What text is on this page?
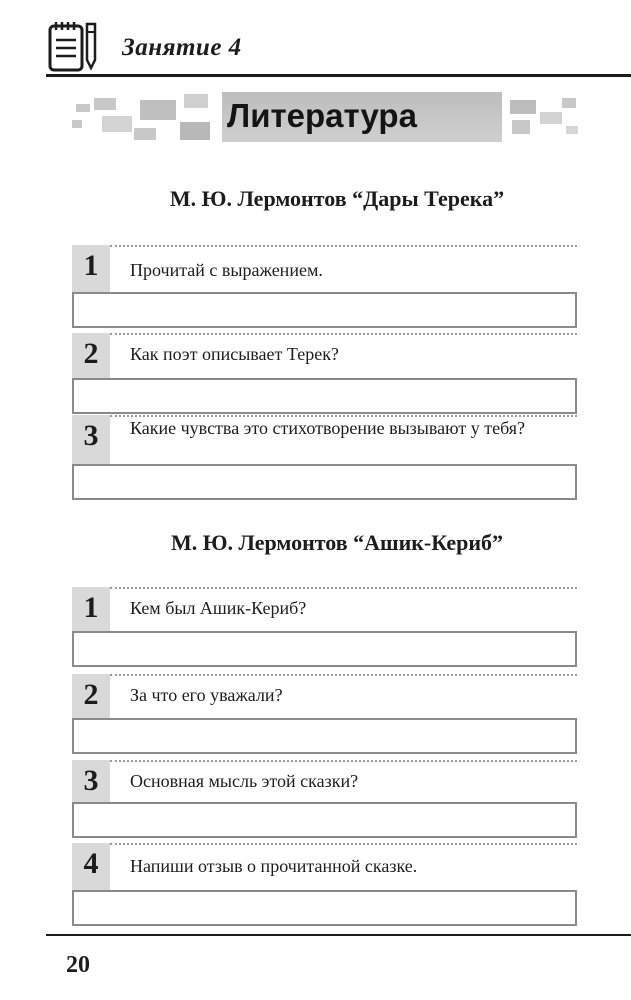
Занятие 4
Литература
М. Ю. Лермонтов “Дары Терека”
1	Прочитай с выражением.
2	Как поэт описывает Терек?
3	Какие чувства это стихотворение вызывают у тебя?
М. Ю. Лермонтов “Ашик-Кериб”
1	Кем был Ашик-Кериб?
2	За что его уважали?
3	Основная мысль этой сказки?
4	Напиши отзыв о прочитанной сказке.
20
